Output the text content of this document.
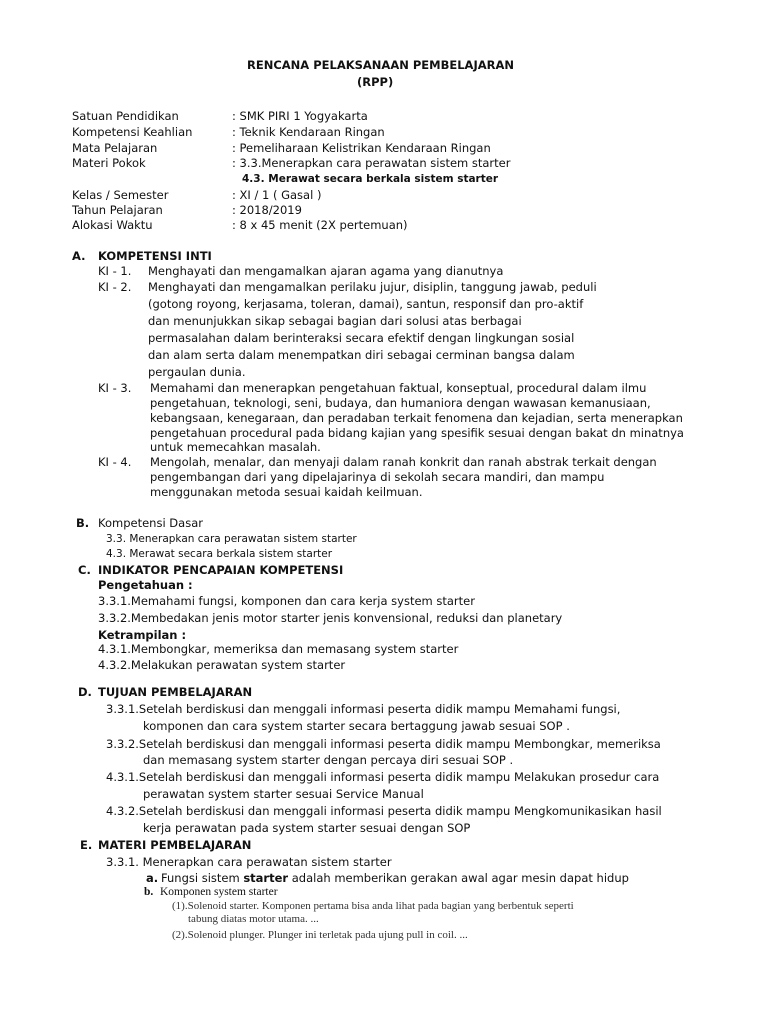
RENCANA PELAKSANAAN PEMBELAJARAN
(RPP)
Satuan Pendidikan	: SMK PIRI 1 Yogyakarta
Kompetensi Keahlian	: Teknik Kendaraan Ringan
Mata Pelajaran	: Pemeliharaan Kelistrikan Kendaraan Ringan
Materi Pokok	: 3.3.Menerapkan cara perawatan sistem starter
4.3. Merawat secara berkala sistem starter
Kelas / Semester	: XI / 1 ( Gasal )
Tahun Pelajaran	: 2018/2019
Alokasi Waktu	: 8 x 45 menit (2X pertemuan)
A. KOMPETENSI INTI
KI - 1. Menghayati dan mengamalkan ajaran agama yang dianutnya
KI - 2. Menghayati dan mengamalkan perilaku jujur, disiplin, tanggung jawab, peduli
(gotong royong, kerjasama, toleran, damai), santun, responsif dan pro-aktif
dan menunjukkan sikap sebagai bagian dari solusi atas berbagai
permasalahan dalam berinteraksi secara efektif dengan lingkungan sosial
dan alam serta dalam menempatkan diri sebagai cerminan bangsa dalam
pergaulan dunia.
KI - 3. Memahami dan menerapkan pengetahuan faktual, konseptual, procedural dalam ilmu
pengetahuan, teknologi, seni, budaya, dan humaniora dengan wawasan kemanusiaan,
kebangsaan, kenegaraan, dan peradaban terkait fenomena dan kejadian, serta menerapkan
pengetahuan procedural pada bidang kajian yang spesifik sesuai dengan bakat dn minatnya
untuk memecahkan masalah.
KI - 4. Mengolah, menalar, dan menyaji dalam ranah konkrit dan ranah abstrak terkait dengan
pengembangan dari yang dipelajarinya di sekolah secara mandiri, dan mampu
menggunakan metoda sesuai kaidah keilmuan.
B. Kompetensi Dasar
3.3. Menerapkan cara perawatan sistem starter
4.3. Merawat secara berkala sistem starter
C. INDIKATOR PENCAPAIAN KOMPETENSI
Pengetahuan :
3.3.1.Memahami fungsi, komponen dan cara kerja system starter
3.3.2.Membedakan jenis motor starter jenis konvensional, reduksi dan planetary
Ketrampilan :
4.3.1.Membongkar, memeriksa dan memasang system starter
4.3.2.Melakukan perawatan system starter
D. TUJUAN PEMBELAJARAN
3.3.1.Setelah berdiskusi dan menggali informasi peserta didik mampu Memahami fungsi,
komponen dan cara system starter secara bertaggung jawab sesuai SOP .
3.3.2.Setelah berdiskusi dan menggali informasi peserta didik mampu Membongkar, memeriksa
dan memasang system starter dengan percaya diri sesuai SOP .
4.3.1.Setelah berdiskusi dan menggali informasi peserta didik mampu Melakukan prosedur cara
perawatan system starter sesuai Service Manual
4.3.2.Setelah berdiskusi dan menggali informasi peserta didik mampu Mengkomunikasikan hasil
kerja perawatan pada system starter sesuai dengan SOP
E. MATERI PEMBELAJARAN
3.3.1. Menerapkan cara perawatan sistem starter
a. Fungsi sistem starter adalah memberikan gerakan awal agar mesin dapat hidup
b. Komponen system starter
(1).Solenoid starter. Komponen pertama bisa anda lihat pada bagian yang berbentuk seperti
tabung diatas motor utama. ...
(2).Solenoid plunger. Plunger ini terletak pada ujung pull in coil. ...
